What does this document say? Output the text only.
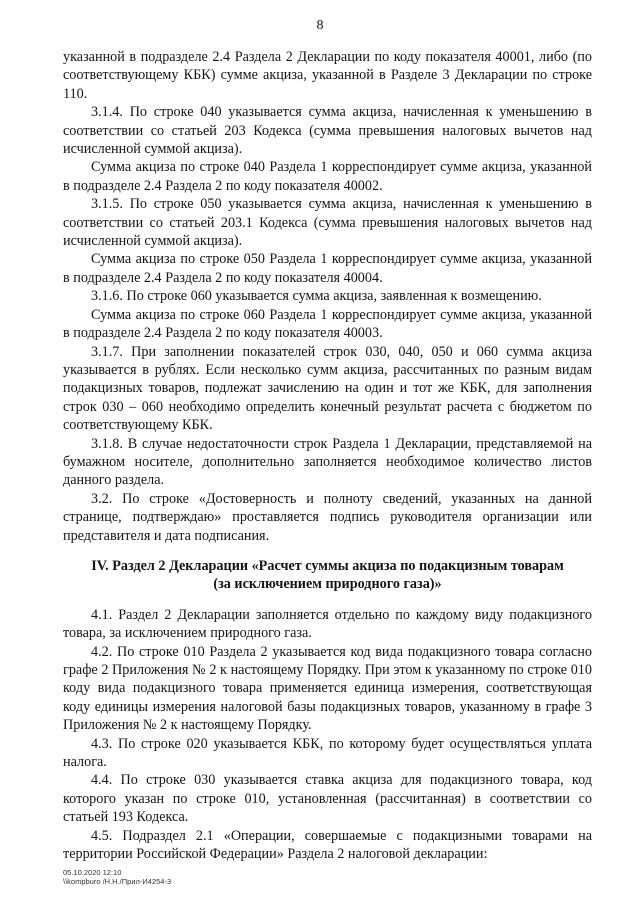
8

указанной в подразделе 2.4 Раздела 2 Декларации по коду показателя 40001, либо (по соответствующему КБК) сумме акциза, указанной в Разделе 3 Декларации по строке 110.

3.1.4. По строке 040 указывается сумма акциза, начисленная к уменьшению в соответствии со статьей 203 Кодекса (сумма превышения налоговых вычетов над исчисленной суммой акциза).

Сумма акциза по строке 040 Раздела 1 корреспондирует сумме акциза, указанной в подразделе 2.4 Раздела 2 по коду показателя 40002.

3.1.5. По строке 050 указывается сумма акциза, начисленная к уменьшению в соответствии со статьей 203.1 Кодекса (сумма превышения налоговых вычетов над исчисленной суммой акциза).

Сумма акциза по строке 050 Раздела 1 корреспондирует сумме акциза, указанной в подразделе 2.4 Раздела 2 по коду показателя 40004.

3.1.6. По строке 060 указывается сумма акциза, заявленная к возмещению.

Сумма акциза по строке 060 Раздела 1 корреспондирует сумме акциза, указанной в подразделе 2.4 Раздела 2 по коду показателя 40003.

3.1.7. При заполнении показателей строк 030, 040, 050 и 060 сумма акциза указывается в рублях. Если несколько сумм акциза, рассчитанных по разным видам подакцизных товаров, подлежат зачислению на один и тот же КБК, для заполнения строк 030 – 060 необходимо определить конечный результат расчета с бюджетом по соответствующему КБК.

3.1.8. В случае недостаточности строк Раздела 1 Декларации, представляемой на бумажном носителе, дополнительно заполняется необходимое количество листов данного раздела.

3.2. По строке «Достоверность и полноту сведений, указанных на данной странице, подтверждаю» проставляется подпись руководителя организации или представителя и дата подписания.

IV. Раздел 2 Декларации «Расчет суммы акциза по подакцизным товарам
(за исключением природного газа)»

4.1. Раздел 2 Декларации заполняется отдельно по каждому виду подакцизного товара, за исключением природного газа.

4.2. По строке 010 Раздела 2 указывается код вида подакцизного товара согласно графе 2 Приложения № 2 к настоящему Порядку. При этом к указанному по строке 010 коду вида подакцизного товара применяется единица измерения, соответствующая коду единицы измерения налоговой базы подакцизных товаров, указанному в графе 3 Приложения № 2 к настоящему Порядку.

4.3. По строке 020 указывается КБК, по которому будет осуществляться уплата налога.

4.4. По строке 030 указывается ставка акциза для подакцизного товара, код которого указан по строке 010, установленная (рассчитанная) в соответствии со статьей 193 Кодекса.

4.5. Подраздел 2.1 «Операции, совершаемые с подакцизными товарами на территории Российской Федерации» Раздела 2 налоговой декларации:

05.10.2020 12:10
\\kompburo /Н.Н./Прил-И4254-3
